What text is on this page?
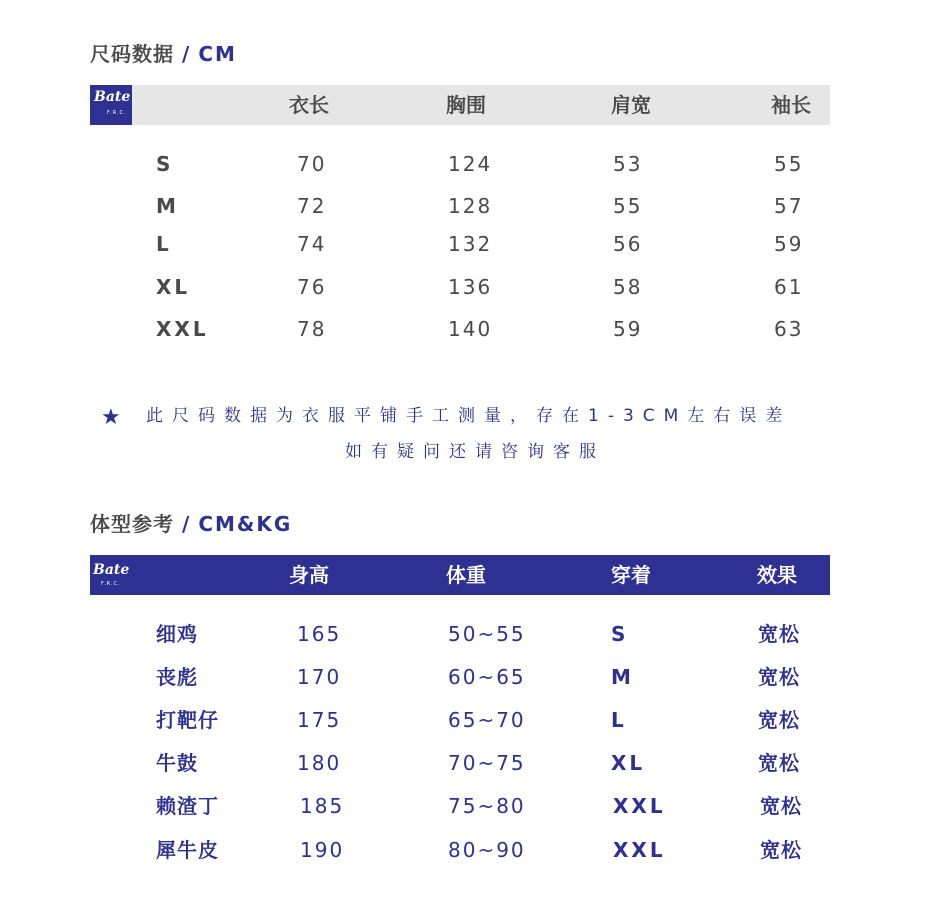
尺码数据 / CM
Bate
F.R.C.	衣长	胸围	肩宽	袖长
S	70	124	53	55
M	72	128	55	57
L	74	132	56	59
XL	76	136	58	61
XXL	78	140	59	63
★ 此尺码数据为衣服平铺手工测量，存在1-3CM左右误差
如有疑问还请咨询客服
体型参考 / CM&KG
Bate
F.R.C.	身高	体重	穿着	效果
细鸡	165	50~55	S	宽松
丧彪	170	60~65	M	宽松
打靶仔	175	65~70	L	宽松
牛鼓	180	70~75	XL	宽松
赖渣丁	185	75~80	XXL	宽松
犀牛皮	190	80~90	XXL	宽松
